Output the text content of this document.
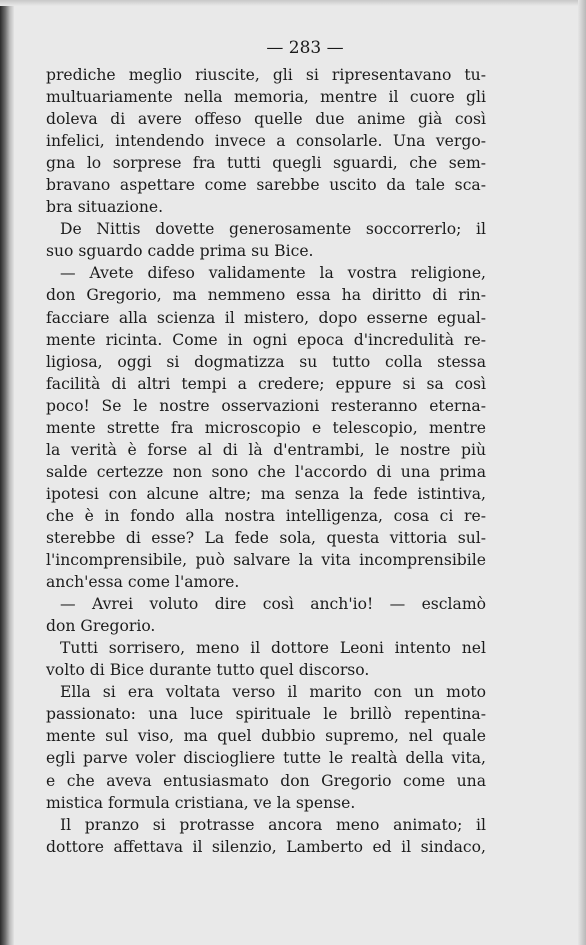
— 283 —
prediche meglio riuscite, gli si ripresentavano tu-
multuariamente nella memoria, mentre il cuore gli
doleva di avere offeso quelle due anime già così
infelici, intendendo invece a consolarle. Una vergo-
gna lo sorprese fra tutti quegli sguardi, che sem-
bravano aspettare come sarebbe uscito da tale sca-
bra situazione.
De Nittis dovette generosamente soccorrerlo; il
suo sguardo cadde prima su Bice.
— Avete difeso validamente la vostra religione,
don Gregorio, ma nemmeno essa ha diritto di rin-
facciare alla scienza il mistero, dopo esserne egual-
mente ricinta. Come in ogni epoca d'incredulità re-
ligiosa, oggi si dogmatizza su tutto colla stessa
facilità di altri tempi a credere; eppure si sa così
poco! Se le nostre osservazioni resteranno eterna-
mente strette fra microscopio e telescopio, mentre
la verità è forse al di là d'entrambi, le nostre più
salde certezze non sono che l'accordo di una prima
ipotesi con alcune altre; ma senza la fede istintiva,
che è in fondo alla nostra intelligenza, cosa ci re-
sterebbe di esse? La fede sola, questa vittoria sul-
l'incomprensibile, può salvare la vita incomprensibile
anch'essa come l'amore.
— Avrei voluto dire così anch'io! — esclamò
don Gregorio.
Tutti sorrisero, meno il dottore Leoni intento nel
volto di Bice durante tutto quel discorso.
Ella si era voltata verso il marito con un moto
passionato: una luce spirituale le brillò repentina-
mente sul viso, ma quel dubbio supremo, nel quale
egli parve voler disciogliere tutte le realtà della vita,
e che aveva entusiasmato don Gregorio come una
mistica formula cristiana, ve la spense.
Il pranzo si protrasse ancora meno animato; il
dottore affettava il silenzio, Lamberto ed il sindaco,
